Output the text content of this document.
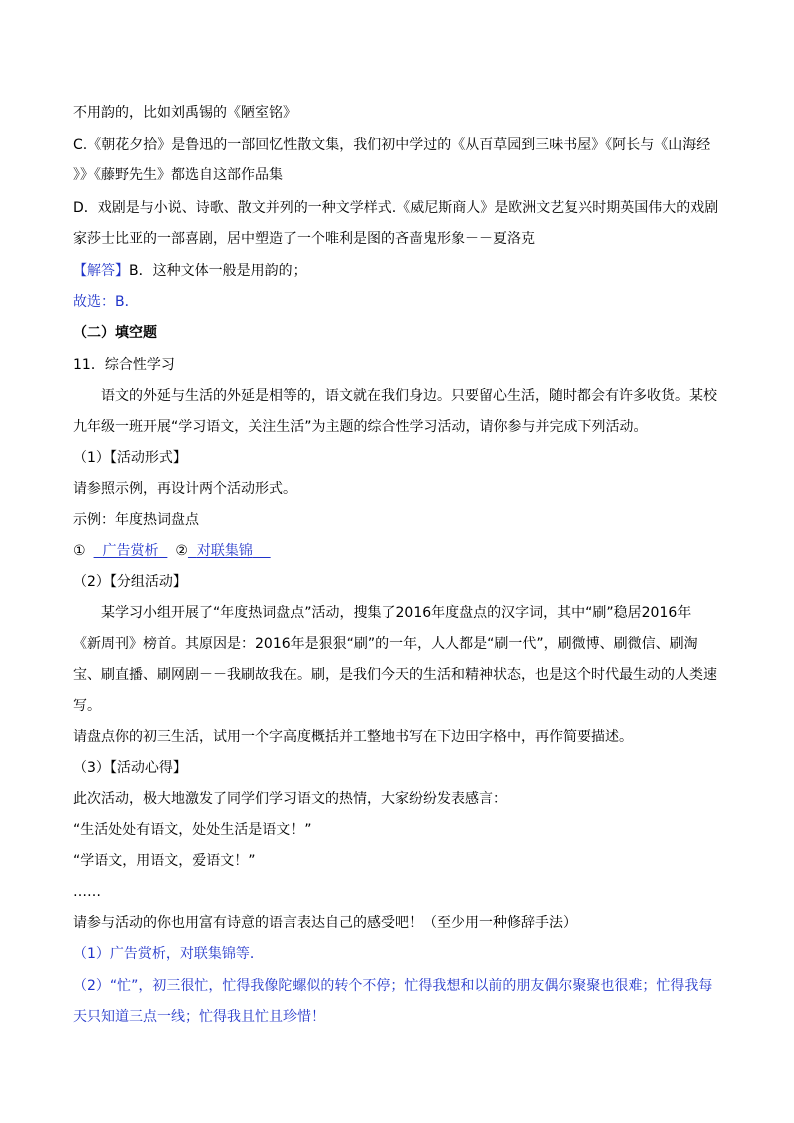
不用韵的，比如刘禹锡的《陋室铭》
C.《朝花夕拾》是鲁迅的一部回忆性散文集，我们初中学过的《从百草园到三味书屋》《阿长与《山海经
》》《藤野先生》都选自这部作品集
D．戏剧是与小说、诗歌、散文并列的一种文学样式.《威尼斯商人》是欧洲文艺复兴时期英国伟大的戏剧
家莎士比亚的一部喜剧，居中塑造了一个唯利是图的吝啬鬼形象－－夏洛克
【解答】B．这种文体一般是用韵的；
故选：B．
（二）填空题
11．综合性学习
语文的外延与生活的外延是相等的，语文就在我们身边。只要留心生活，随时都会有许多收货。某校
九年级一班开展“学习语文，关注生活”为主题的综合性学习活动，请你参与并完成下列活动。
（1）【活动形式】
请参照示例，再设计两个活动形式。
示例：年度热词盘点
① 广告赏析 ② 对联集锦
（2）【分组活动】
某学习小组开展了“年度热词盘点”活动，搜集了2016年度盘点的汉字词，其中“刷”稳居2016年
《新周刊》榜首。其原因是：2016年是狠狠“刷”的一年，人人都是“刷一代”，刷微博、刷微信、刷淘
宝、刷直播、刷网剧－－我刷故我在。刷，是我们今天的生活和精神状态，也是这个时代最生动的人类速
写。
请盘点你的初三生活，试用一个字高度概括并工整地书写在下边田字格中，再作简要描述。
（3）【活动心得】
此次活动，极大地激发了同学们学习语文的热情，大家纷纷发表感言：
“生活处处有语文，处处生活是语文！”
“学语文，用语文，爱语文！”
……
请参与活动的你也用富有诗意的语言表达自己的感受吧！（至少用一种修辞手法）
（1）广告赏析，对联集锦等．
（2）“忙”，初三很忙，忙得我像陀螺似的转个不停；忙得我想和以前的朋友偶尔聚聚也很难；忙得我每
天只知道三点一线；忙得我且忙且珍惜！
